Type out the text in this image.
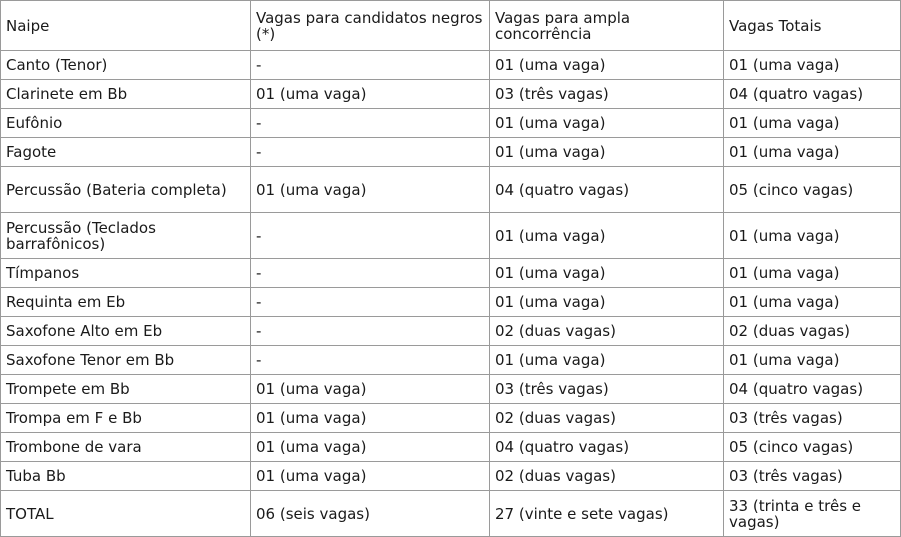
Naipe	Vagas para candidatos negros (*)	Vagas para ampla concorrência	Vagas Totais
Canto (Tenor)	-	01 (uma vaga)	01 (uma vaga)
Clarinete em Bb	01 (uma vaga)	03 (três vagas)	04 (quatro vagas)
Eufônio	-	01 (uma vaga)	01 (uma vaga)
Fagote	-	01 (uma vaga)	01 (uma vaga)
Percussão (Bateria completa)	01 (uma vaga)	04 (quatro vagas)	05 (cinco vagas)
Percussão (Teclados barrafônicos)	-	01 (uma vaga)	01 (uma vaga)
Tímpanos	-	01 (uma vaga)	01 (uma vaga)
Requinta em Eb	-	01 (uma vaga)	01 (uma vaga)
Saxofone Alto em Eb	-	02 (duas vagas)	02 (duas vagas)
Saxofone Tenor em Bb	-	01 (uma vaga)	01 (uma vaga)
Trompete em Bb	01 (uma vaga)	03 (três vagas)	04 (quatro vagas)
Trompa em F e Bb	01 (uma vaga)	02 (duas vagas)	03 (três vagas)
Trombone de vara	01 (uma vaga)	04 (quatro vagas)	05 (cinco vagas)
Tuba Bb	01 (uma vaga)	02 (duas vagas)	03 (três vagas)
TOTAL	06 (seis vagas)	27 (vinte e sete vagas)	33 (trinta e três e vagas)
